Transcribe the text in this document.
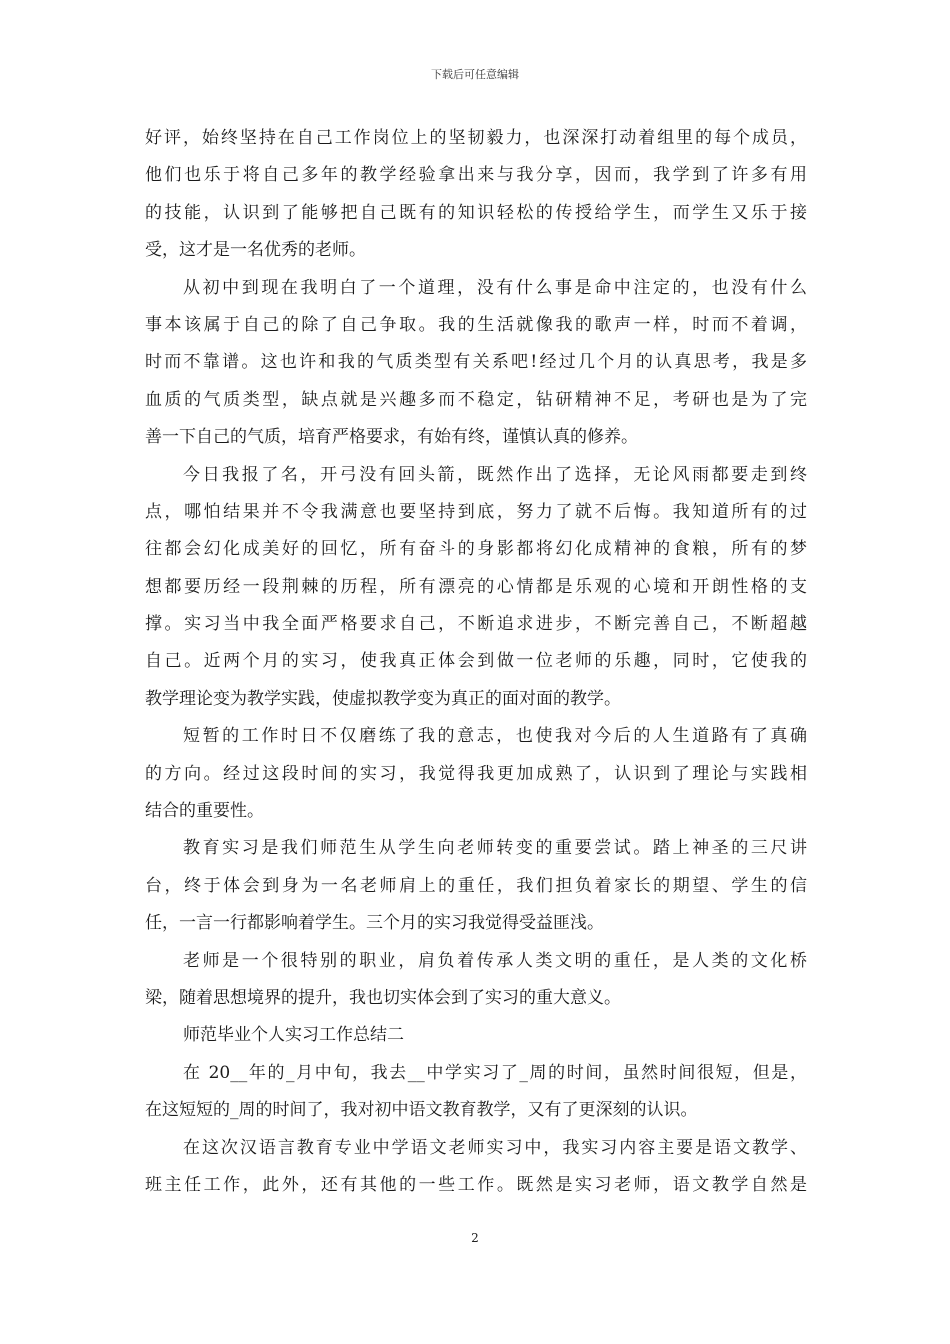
下载后可任意编辑
好评，始终坚持在自己工作岗位上的坚韧毅力，也深深打动着组里的每个成员，
他们也乐于将自己多年的教学经验拿出来与我分享，因而，我学到了许多有用
的技能，认识到了能够把自己既有的知识轻松的传授给学生，而学生又乐于接
受，这才是一名优秀的老师。
从初中到现在我明白了一个道理，没有什么事是命中注定的，也没有什么
事本该属于自己的除了自己争取。我的生活就像我的歌声一样，时而不着调，
时而不靠谱。这也许和我的气质类型有关系吧!经过几个月的认真思考，我是多
血质的气质类型，缺点就是兴趣多而不稳定，钻研精神不足，考研也是为了完
善一下自己的气质，培育严格要求，有始有终，谨慎认真的修养。
今日我报了名，开弓没有回头箭，既然作出了选择，无论风雨都要走到终
点，哪怕结果并不令我满意也要坚持到底，努力了就不后悔。我知道所有的过
往都会幻化成美好的回忆，所有奋斗的身影都将幻化成精神的食粮，所有的梦
想都要历经一段荆棘的历程，所有漂亮的心情都是乐观的心境和开朗性格的支
撑。实习当中我全面严格要求自己，不断追求进步，不断完善自己，不断超越
自己。近两个月的实习，使我真正体会到做一位老师的乐趣，同时，它使我的
教学理论变为教学实践，使虚拟教学变为真正的面对面的教学。
短暂的工作时日不仅磨练了我的意志，也使我对今后的人生道路有了真确
的方向。经过这段时间的实习，我觉得我更加成熟了，认识到了理论与实践相
结合的重要性。
教育实习是我们师范生从学生向老师转变的重要尝试。踏上神圣的三尺讲
台，终于体会到身为一名老师肩上的重任，我们担负着家长的期望、学生的信
任，一言一行都影响着学生。三个月的实习我觉得受益匪浅。
老师是一个很特别的职业，肩负着传承人类文明的重任，是人类的文化桥
梁，随着思想境界的提升，我也切实体会到了实习的重大意义。
师范毕业个人实习工作总结二
在 20__年的_月中旬，我去__中学实习了_周的时间，虽然时间很短，但是，
在这短短的_周的时间了，我对初中语文教育教学，又有了更深刻的认识。
在这次汉语言教育专业中学语文老师实习中，我实习内容主要是语文教学、
班主任工作，此外，还有其他的一些工作。既然是实习老师，语文教学自然是
2
